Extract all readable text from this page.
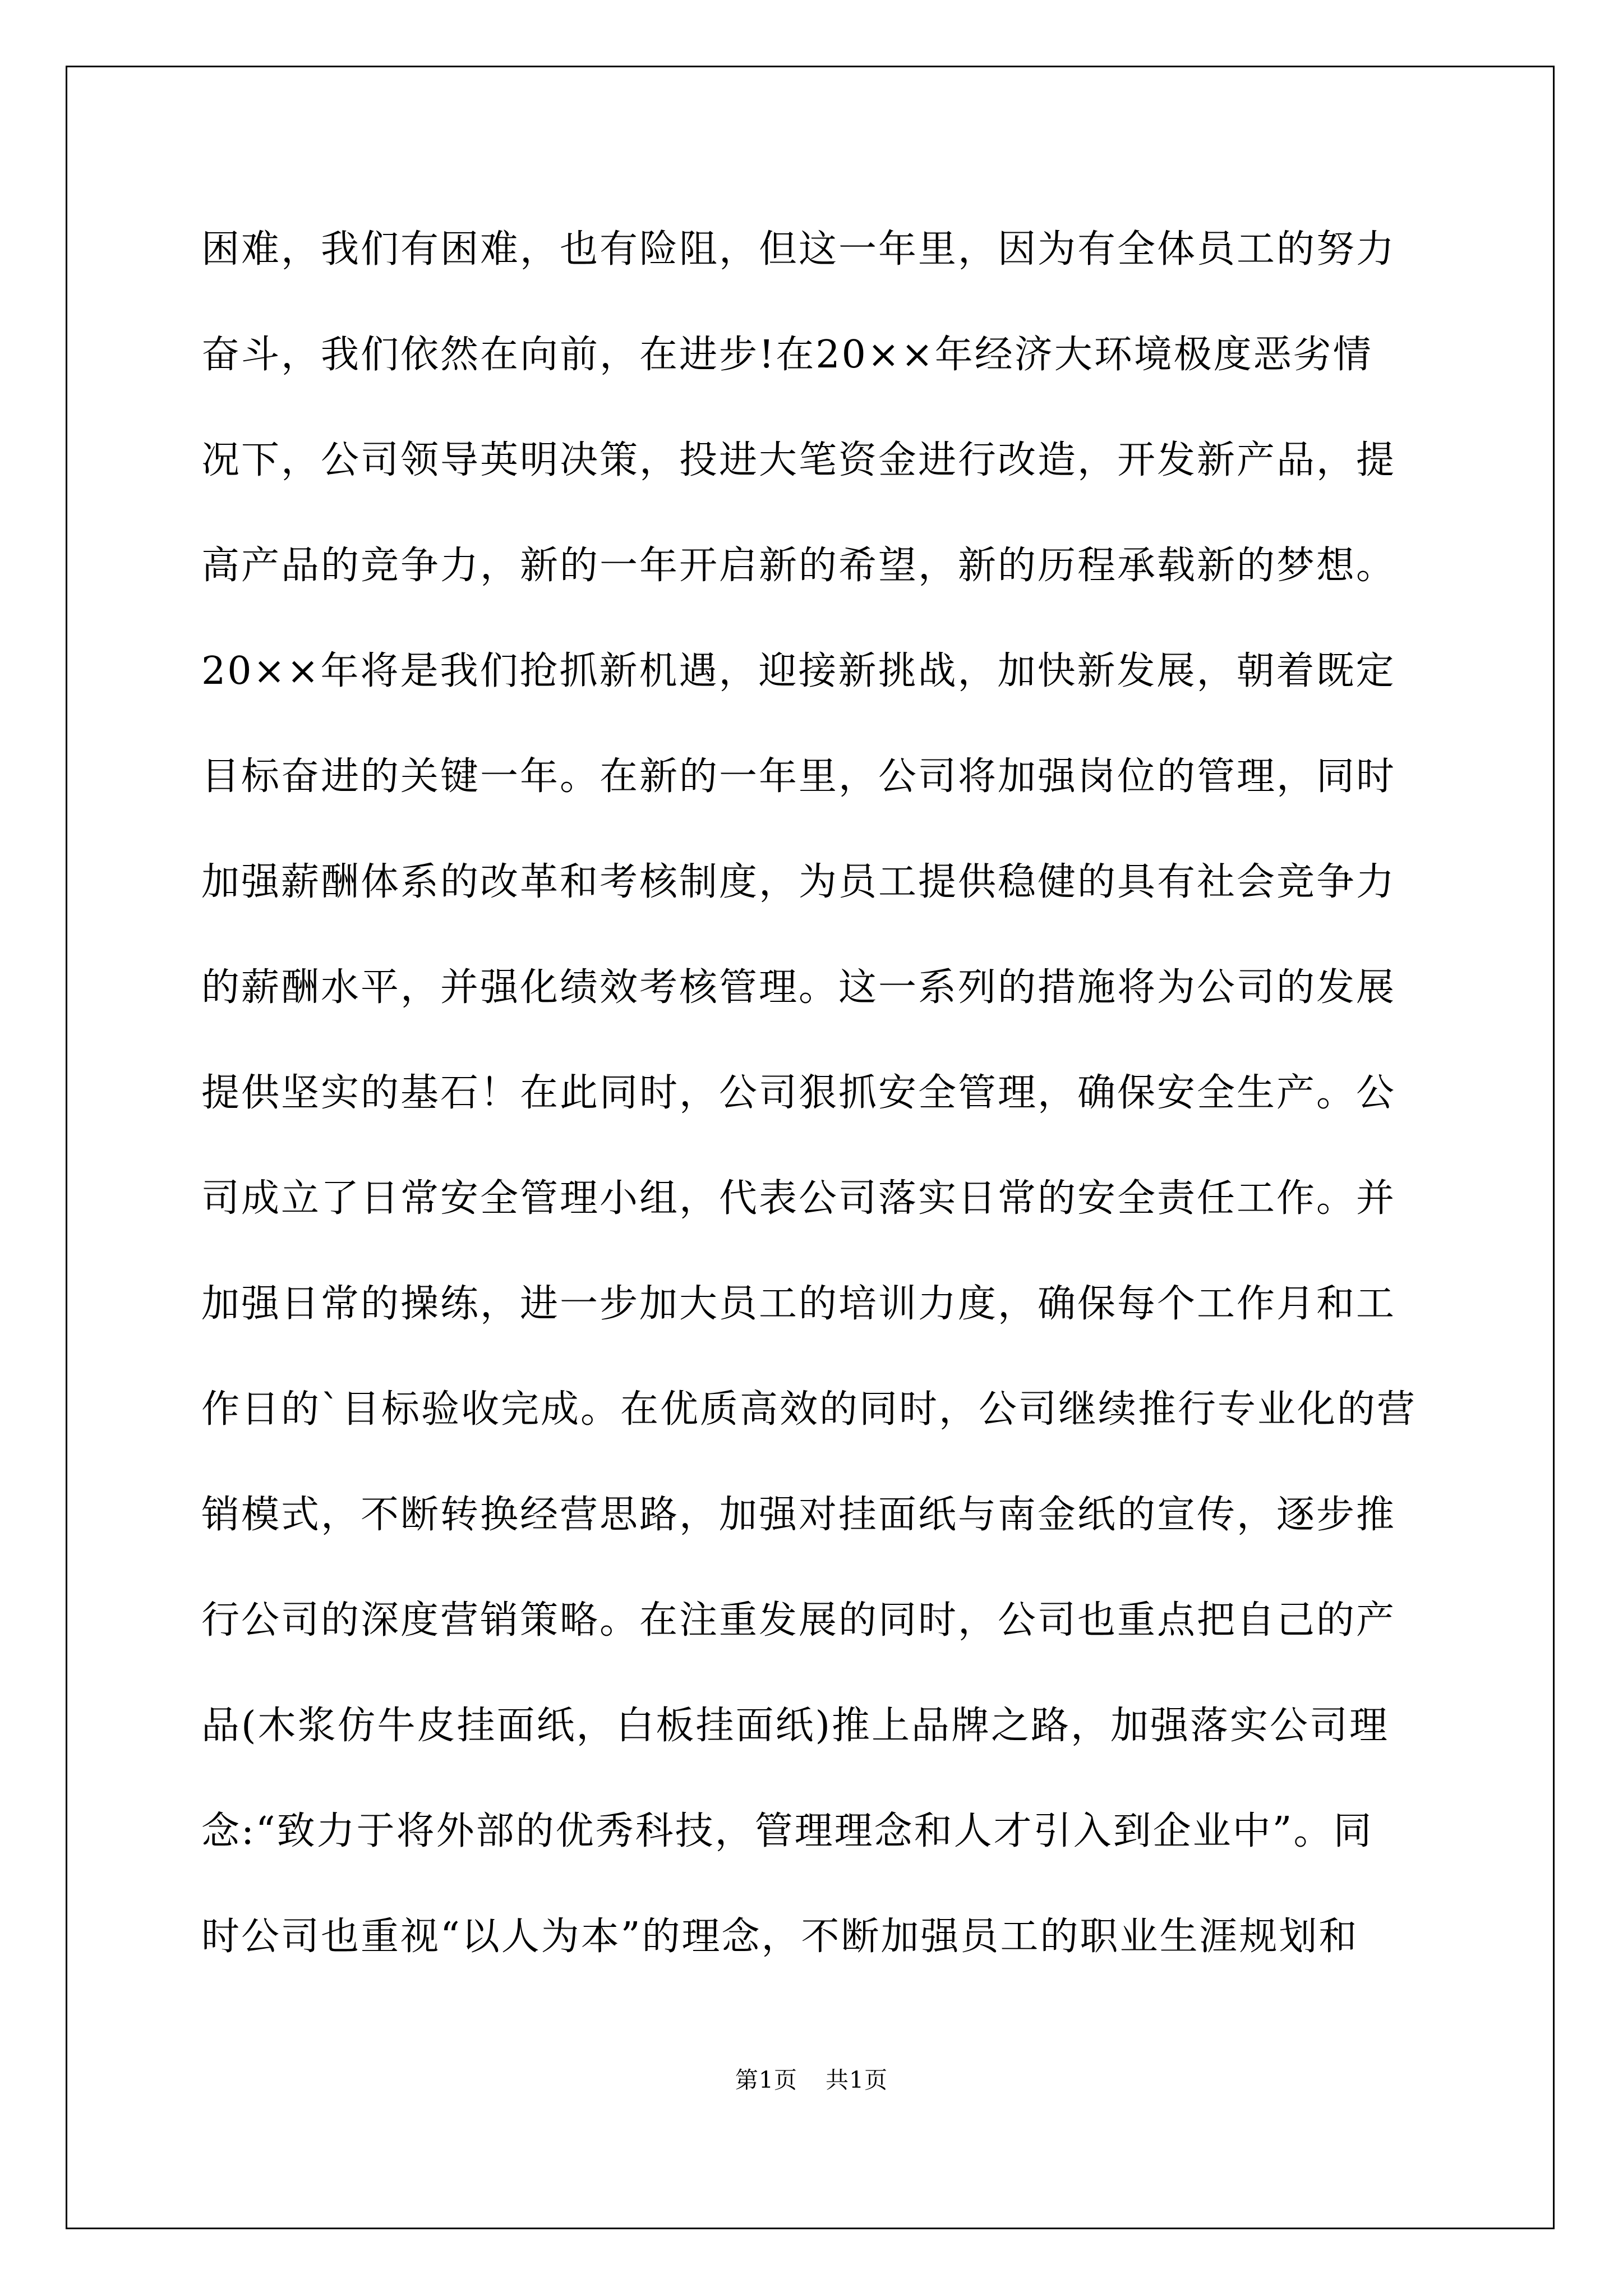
困难，我们有困难，也有险阻，但这一年里，因为有全体员工的努力
奋斗，我们依然在向前，在进步!在20××年经济大环境极度恶劣情
况下，公司领导英明决策，投进大笔资金进行改造，开发新产品，提
高产品的竞争力，新的一年开启新的希望，新的历程承载新的梦想。
20××年将是我们抢抓新机遇，迎接新挑战，加快新发展，朝着既定
目标奋进的关键一年。在新的一年里，公司将加强岗位的管理，同时
加强薪酬体系的改革和考核制度，为员工提供稳健的具有社会竞争力
的薪酬水平，并强化绩效考核管理。这一系列的措施将为公司的发展
提供坚实的基石！在此同时，公司狠抓安全管理，确保安全生产。公
司成立了日常安全管理小组，代表公司落实日常的安全责任工作。并
加强日常的操练，进一步加大员工的培训力度，确保每个工作月和工
作日的`目标验收完成。在优质高效的同时，公司继续推行专业化的营
销模式，不断转换经营思路，加强对挂面纸与南金纸的宣传，逐步推
行公司的深度营销策略。在注重发展的同时，公司也重点把自己的产
品(木浆仿牛皮挂面纸，白板挂面纸)推上品牌之路，加强落实公司理
念:“致力于将外部的优秀科技，管理理念和人才引入到企业中”。同
时公司也重视“以人为本”的理念，不断加强员工的职业生涯规划和
第1页 共1页
